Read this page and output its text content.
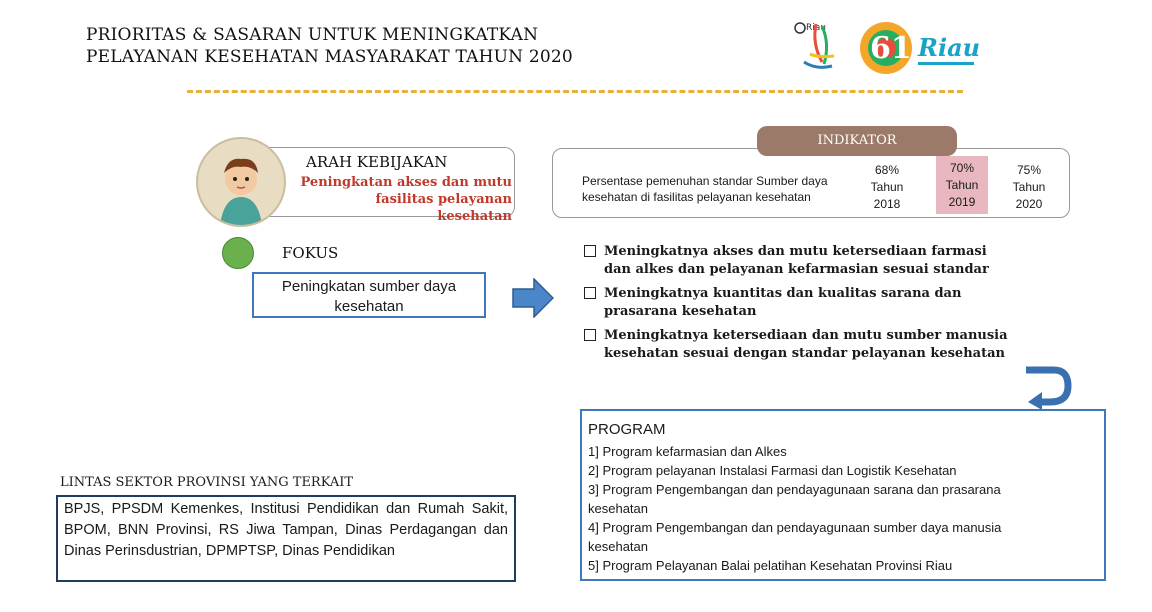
PRIORITAS & SASARAN UNTUK MENINGKATKAN
PELAYANAN KESEHATAN MASYARAKAT TAHUN 2020
Riau
61 Riau
ARAH KEBIJAKAN
Peningkatan akses dan mutu
fasilitas pelayanan kesehatan
FOKUS
Peningkatan sumber daya
kesehatan
INDIKATOR
Persentase pemenuhan standar Sumber daya kesehatan di fasilitas pelayanan kesehatan
68%
Tahun
2018
70%
Tahun
2019
75%
Tahun
2020
Meningkatnya akses dan mutu ketersediaan farmasi
dan alkes dan pelayanan kefarmasian sesuai standar
Meningkatnya kuantitas dan kualitas sarana dan
prasarana kesehatan
Meningkatnya ketersediaan dan mutu sumber manusia
kesehatan sesuai dengan standar pelayanan kesehatan
PROGRAM
1] Program kefarmasian dan Alkes
2] Program pelayanan Instalasi Farmasi dan Logistik Kesehatan
3] Program Pengembangan dan pendayagunaan sarana dan prasarana
kesehatan
4] Program Pengembangan dan pendayagunaan sumber daya manusia
kesehatan
5] Program Pelayanan Balai pelatihan Kesehatan Provinsi Riau
LINTAS SEKTOR PROVINSI YANG TERKAIT
BPJS, PPSDM Kemenkes, Institusi Pendidikan dan Rumah Sakit, BPOM, BNN Provinsi, RS Jiwa Tampan, Dinas Perdagangan dan Dinas Perinsdustrian, DPMPTSP, Dinas Pendidikan
